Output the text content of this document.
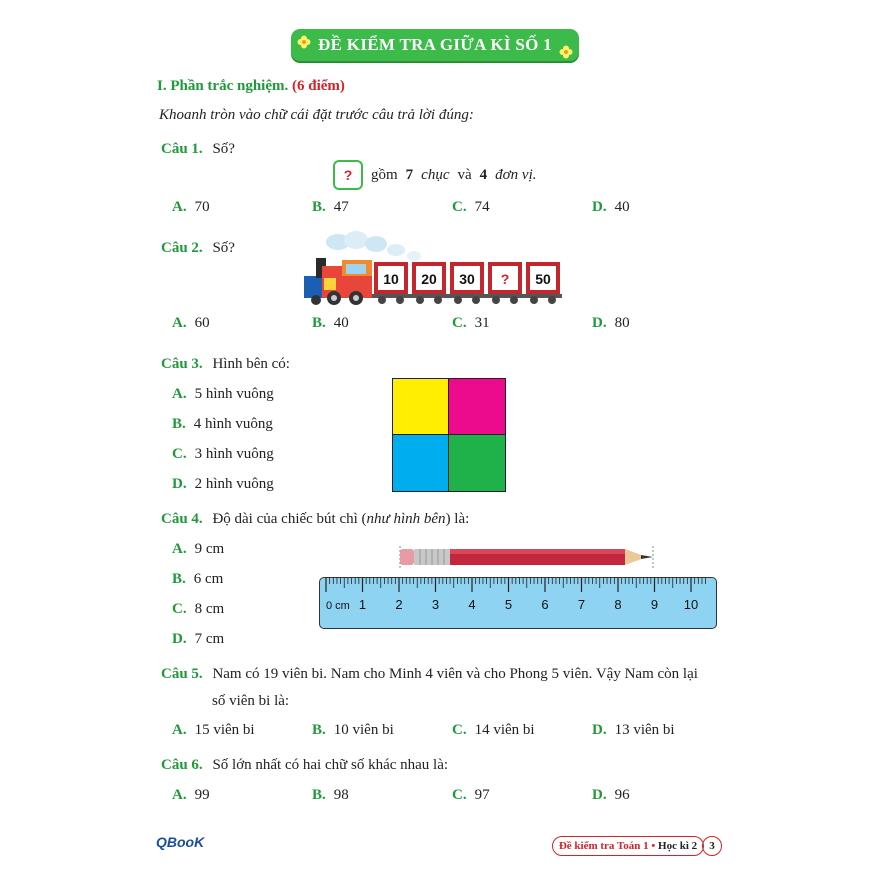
ĐỀ KIỂM TRA GIỮA KÌ SỐ 1
I. Phần trắc nghiệm. (6 điểm)
Khoanh tròn vào chữ cái đặt trước câu trả lời đúng:
Câu 1. Số?
?	gồm 7 chục và 4 đơn vị.
A. 70	B. 47	C. 74	D. 40
Câu 2. Số?
10 20 30 ? 50
A. 60	B. 40	C. 31	D. 80
Câu 3. Hình bên có:
A. 5 hình vuông
B. 4 hình vuông
C. 3 hình vuông
D. 2 hình vuông
Câu 4. Độ dài của chiếc bút chì (như hình bên) là:
A. 9 cm
B. 6 cm
C. 8 cm
D. 7 cm
0 cm 1 2 3 4 5 6 7 8 9 10
Câu 5. Nam có 19 viên bi. Nam cho Minh 4 viên và cho Phong 5 viên. Vậy Nam còn lại
số viên bi là:
A. 15 viên bi	B. 10 viên bi	C. 14 viên bi	D. 13 viên bi
Câu 6. Số lớn nhất có hai chữ số khác nhau là:
A. 99	B. 98	C. 97	D. 96
QBooK	Đề kiểm tra Toán 1 •
Học kì 2	3
